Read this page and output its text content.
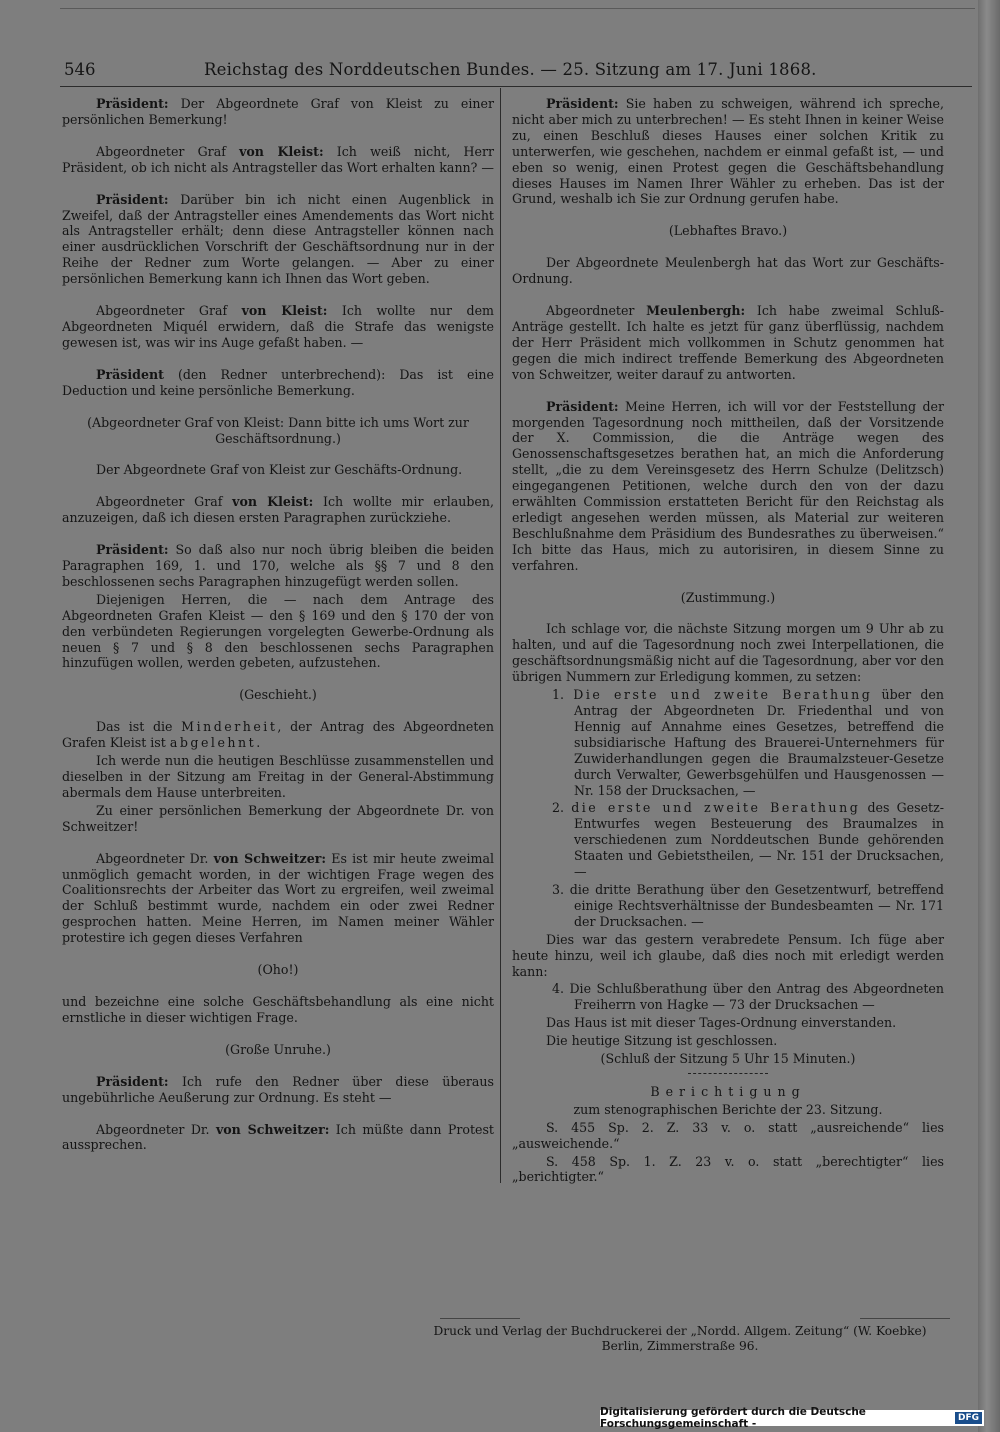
546	Reichstag des Norddeutschen Bundes. — 25. Sitzung am 17. Juni 1868.

Präsident: Der Abgeordnete Graf von Kleist zu einer persönlichen Bemerkung!

Abgeordneter Graf von Kleist: Ich weiß nicht, Herr Präsident, ob ich nicht als Antragsteller das Wort erhalten kann? —

Präsident: Darüber bin ich nicht einen Augenblick in Zweifel, daß der Antragsteller eines Amendements das Wort nicht als Antragsteller erhält; denn diese Antragsteller können nach einer ausdrücklichen Vorschrift der Geschäftsordnung nur in der Reihe der Redner zum Worte gelangen. — Aber zu einer persönlichen Bemerkung kann ich Ihnen das Wort geben.

Abgeordneter Graf von Kleist: Ich wollte nur dem Abgeordneten Miquél erwidern, daß die Strafe das wenigste gewesen ist, was wir ins Auge gefaßt haben. —

Präsident (den Redner unterbrechend): Das ist eine Deduction und keine persönliche Bemerkung.

(Abgeordneter Graf von Kleist: Dann bitte ich ums Wort zur Geschäftsordnung.)

Der Abgeordnete Graf von Kleist zur Geschäfts-Ordnung.

Abgeordneter Graf von Kleist: Ich wollte mir erlauben, anzuzeigen, daß ich diesen ersten Paragraphen zurückziehe.

Präsident: So daß also nur noch übrig bleiben die beiden Paragraphen 169, 1. und 170, welche als §§ 7 und 8 den beschlossenen sechs Paragraphen hinzugefügt werden sollen.

Diejenigen Herren, die — nach dem Antrage des Abgeordneten Grafen Kleist — den § 169 und den § 170 der von den verbündeten Regierungen vorgelegten Gewerbe-Ordnung als neuen § 7 und § 8 den beschlossenen sechs Paragraphen hinzufügen wollen, werden gebeten, aufzustehen.

(Geschieht.)

Das ist die Minderheit, der Antrag des Abgeordneten Grafen Kleist ist abgelehnt.

Ich werde nun die heutigen Beschlüsse zusammenstellen und dieselben in der Sitzung am Freitag in der General-Abstimmung abermals dem Hause unterbreiten.

Zu einer persönlichen Bemerkung der Abgeordnete Dr. von Schweitzer!

Abgeordneter Dr. von Schweitzer: Es ist mir heute zweimal unmöglich gemacht worden, in der wichtigen Frage wegen des Coalitionsrechts der Arbeiter das Wort zu ergreifen, weil zweimal der Schluß bestimmt wurde, nachdem ein oder zwei Redner gesprochen hatten. Meine Herren, im Namen meiner Wähler protestire ich gegen dieses Verfahren

(Oho!)

und bezeichne eine solche Geschäftsbehandlung als eine nicht ernstliche in dieser wichtigen Frage.

(Große Unruhe.)

Präsident: Ich rufe den Redner über diese überaus ungebührliche Aeußerung zur Ordnung. Es steht —

Abgeordneter Dr. von Schweitzer: Ich müßte dann Protest aussprechen.

Präsident: Sie haben zu schweigen, während ich spreche, nicht aber mich zu unterbrechen! — Es steht Ihnen in keiner Weise zu, einen Beschluß dieses Hauses einer solchen Kritik zu unterwerfen, wie geschehen, nachdem er einmal gefaßt ist, — und eben so wenig, einen Protest gegen die Geschäftsbehandlung dieses Hauses im Namen Ihrer Wähler zu erheben. Das ist der Grund, weshalb ich Sie zur Ordnung gerufen habe.

(Lebhaftes Bravo.)

Der Abgeordnete Meulenbergh hat das Wort zur Geschäfts-Ordnung.

Abgeordneter Meulenbergh: Ich habe zweimal Schluß-Anträge gestellt. Ich halte es jetzt für ganz überflüssig, nachdem der Herr Präsident mich vollkommen in Schutz genommen hat gegen die mich indirect treffende Bemerkung des Abgeordneten von Schweitzer, weiter darauf zu antworten.

Präsident: Meine Herren, ich will vor der Feststellung der morgenden Tagesordnung noch mittheilen, daß der Vorsitzende der X. Commission, die die Anträge wegen des Genossenschaftsgesetzes berathen hat, an mich die Anforderung stellt, „die zu dem Vereinsgesetz des Herrn Schulze (Delitzsch) eingegangenen Petitionen, welche durch den von der dazu erwählten Commission erstatteten Bericht für den Reichstag als erledigt angesehen werden müssen, als Material zur weiteren Beschlußnahme dem Präsidium des Bundesrathes zu überweisen.“ Ich bitte das Haus, mich zu autorisiren, in diesem Sinne zu verfahren.

(Zustimmung.)

Ich schlage vor, die nächste Sitzung morgen um 9 Uhr ab zu halten, und auf die Tagesordnung noch zwei Interpellationen, die geschäftsordnungsmäßig nicht auf die Tagesordnung, aber vor den übrigen Nummern zur Erledigung kommen, zu setzen:

1. Die erste und zweite Berathung über den Antrag der Abgeordneten Dr. Friedenthal und von Hennig auf Annahme eines Gesetzes, betreffend die subsidiarische Haftung des Brauerei-Unternehmers für Zuwiderhandlungen gegen die Braumalzsteuer-Gesetze durch Verwalter, Gewerbsgehülfen und Hausgenossen — Nr. 158 der Drucksachen, —

2. die erste und zweite Berathung des Gesetz-Entwurfes wegen Besteuerung des Braumalzes in verschiedenen zum Norddeutschen Bunde gehörenden Staaten und Gebietstheilen, — Nr. 151 der Drucksachen, —

3. die dritte Berathung über den Gesetzentwurf, betreffend einige Rechtsverhältnisse der Bundesbeamten — Nr. 171 der Drucksachen. —

Dies war das gestern verabredete Pensum. Ich füge aber heute hinzu, weil ich glaube, daß dies noch mit erledigt werden kann:

4. Die Schlußberathung über den Antrag des Abgeordneten Freiherrn von Hagke — 73 der Drucksachen —

Das Haus ist mit dieser Tages-Ordnung einverstanden.

Die heutige Sitzung ist geschlossen.

(Schluß der Sitzung 5 Uhr 15 Minuten.)

Berichtigung

zum stenographischen Berichte der 23. Sitzung.

S. 455 Sp. 2. Z. 33 v. o. statt „ausreichende“ lies „ausweichende.“

S. 458 Sp. 1. Z. 23 v. o. statt „berechtigter“ lies „berichtigter.“

Druck und Verlag der Buchdruckerei der „Nordd. Allgem. Zeitung“ (W. Koebke)
Berlin, Zimmerstraße 96.
Digitalisierung gefördert durch die Deutsche Forschungsgemeinschaft -	DFG
